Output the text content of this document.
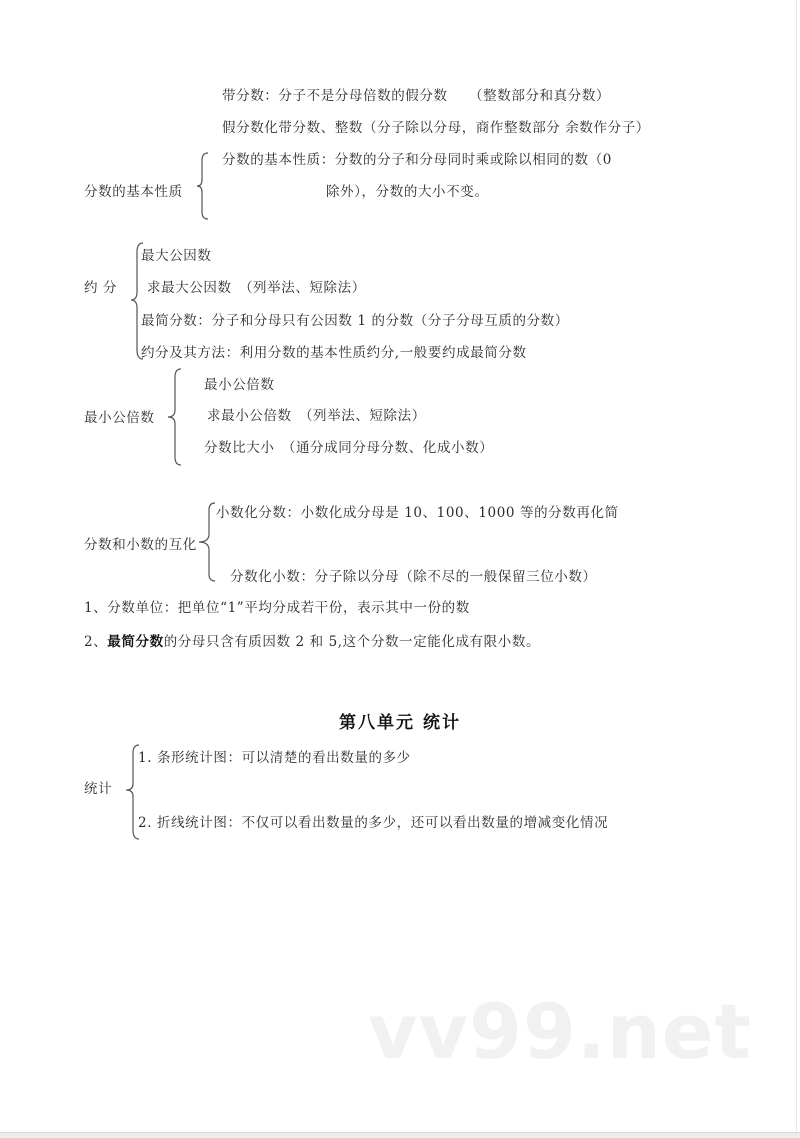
带分数：分子不是分母倍数的假分数　　（整数部分和真分数）
假分数化带分数、整数（分子除以分母，商作整数部分 余数作分子）
分数的基本性质
分数的基本性质：分数的分子和分母同时乘或除以相同的数（0
除外），分数的大小不变。
约 分
最大公因数
求最大公因数　（列举法、短除法）
最简分数：分子和分母只有公因数 1 的分数（分子分母互质的分数）
约分及其方法：利用分数的基本性质约分,一般要约成最简分数
最小公倍数
最小公倍数
求最小公倍数　（列举法、短除法）
分数比大小　（通分成同分母分数、化成小数）
分数和小数的互化
小数化分数：小数化成分母是 10、100、1000 等的分数再化简
分数化小数：分子除以分母（除不尽的一般保留三位小数）
1、分数单位：把单位“1”平均分成若干份，表示其中一份的数
2、最简分数的分母只含有质因数 2 和 5,这个分数一定能化成有限小数。
第八单元 统计
统计
1. 条形统计图：可以清楚的看出数量的多少
2. 折线统计图：不仅可以看出数量的多少，还可以看出数量的增减变化情况
vv99.net
